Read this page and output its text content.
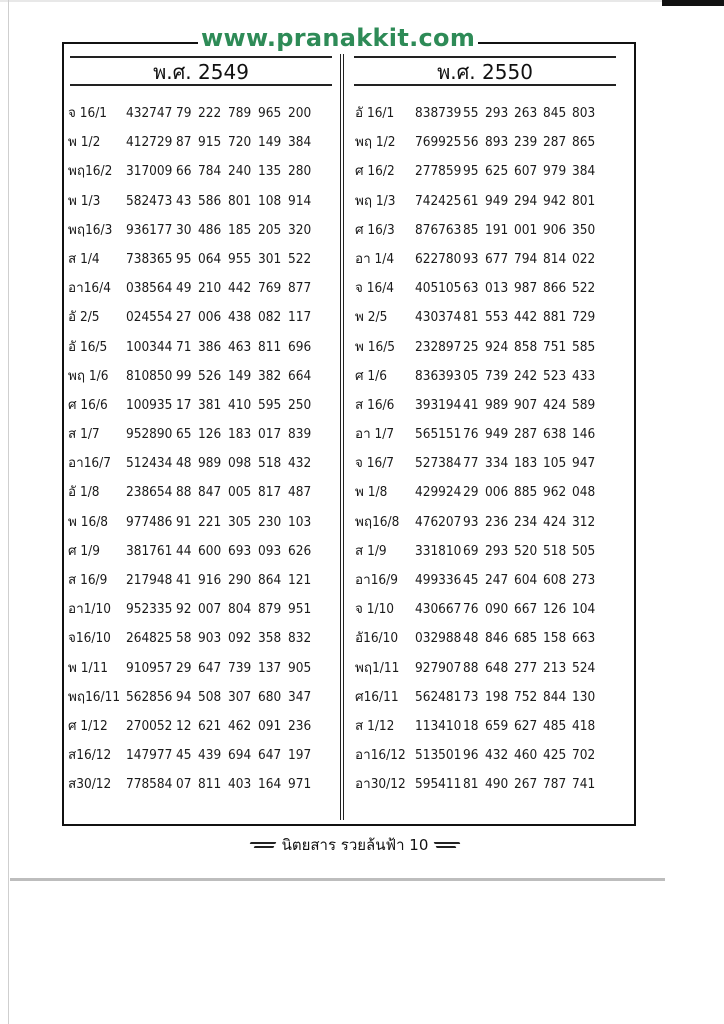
www.pranakkit.com
พ.ศ. 2549	พ.ศ. 2550
จ 16/1	432747 79 222 789 965 200
พ 1/2	412729 87 915 720 149 384
พฤ16/2	317009 66 784 240 135 280
พ 1/3	582473 43 586 801 108 914
พฤ16/3	936177 30 486 185 205 320
ส 1/4	738365 95 064 955 301 522
อา16/4	038564 49 210 442 769 877
อั 2/5	024554 27 006 438 082 117
อั 16/5	100344 71 386 463 811 696
พฤ 1/6	810850 99 526 149 382 664
ศ 16/6	100935 17 381 410 595 250
ส 1/7	952890 65 126 183 017 839
อา16/7	512434 48 989 098 518 432
อั 1/8	238654 88 847 005 817 487
พ 16/8	977486 91 221 305 230 103
ศ 1/9	381761 44 600 693 093 626
ส 16/9	217948 41 916 290 864 121
อา1/10	952335 92 007 804 879 951
จ16/10	264825 58 903 092 358 832
พ 1/11	910957 29 647 739 137 905
พฤ16/11 562856 94 508 307 680 347
ศ 1/12	270052 12 621 462 091 236
ส16/12	147977 45 439 694 647 197
ส30/12	778584 07 811 403 164 971
อั 16/1	838739 55 293 263 845 803
พฤ 1/2	769925 56 893 239 287 865
ศ 16/2	277859 95 625 607 979 384
พฤ 1/3	742425 61 949 294 942 801
ศ 16/3	876763 85 191 001 906 350
อา 1/4	622780 93 677 794 814 022
จ 16/4	405105 63 013 987 866 522
พ 2/5	430374 81 553 442 881 729
พ 16/5	232897 25 924 858 751 585
ศ 1/6	836393 05 739 242 523 433
ส 16/6	393194 41 989 907 424 589
อา 1/7	565151 76 949 287 638 146
จ 16/7	527384 77 334 183 105 947
พ 1/8	429924 29 006 885 962 048
พฤ16/8	476207 93 236 234 424 312
ส 1/9	331810 69 293 520 518 505
อา16/9	499336 45 247 604 608 273
จ 1/10	430667 76 090 667 126 104
อั16/10	032988 48 846 685 158 663
พฤ1/11	927907 88 648 277 213 524
ศ16/11	562481 73 198 752 844 130
ส 1/12	113410 18 659 627 485 418
อา16/12 513501 96 432 460 425 702
อา30/12 595411 81 490 267 787 741
นิตยสาร รวยล้นฟ้า 10
